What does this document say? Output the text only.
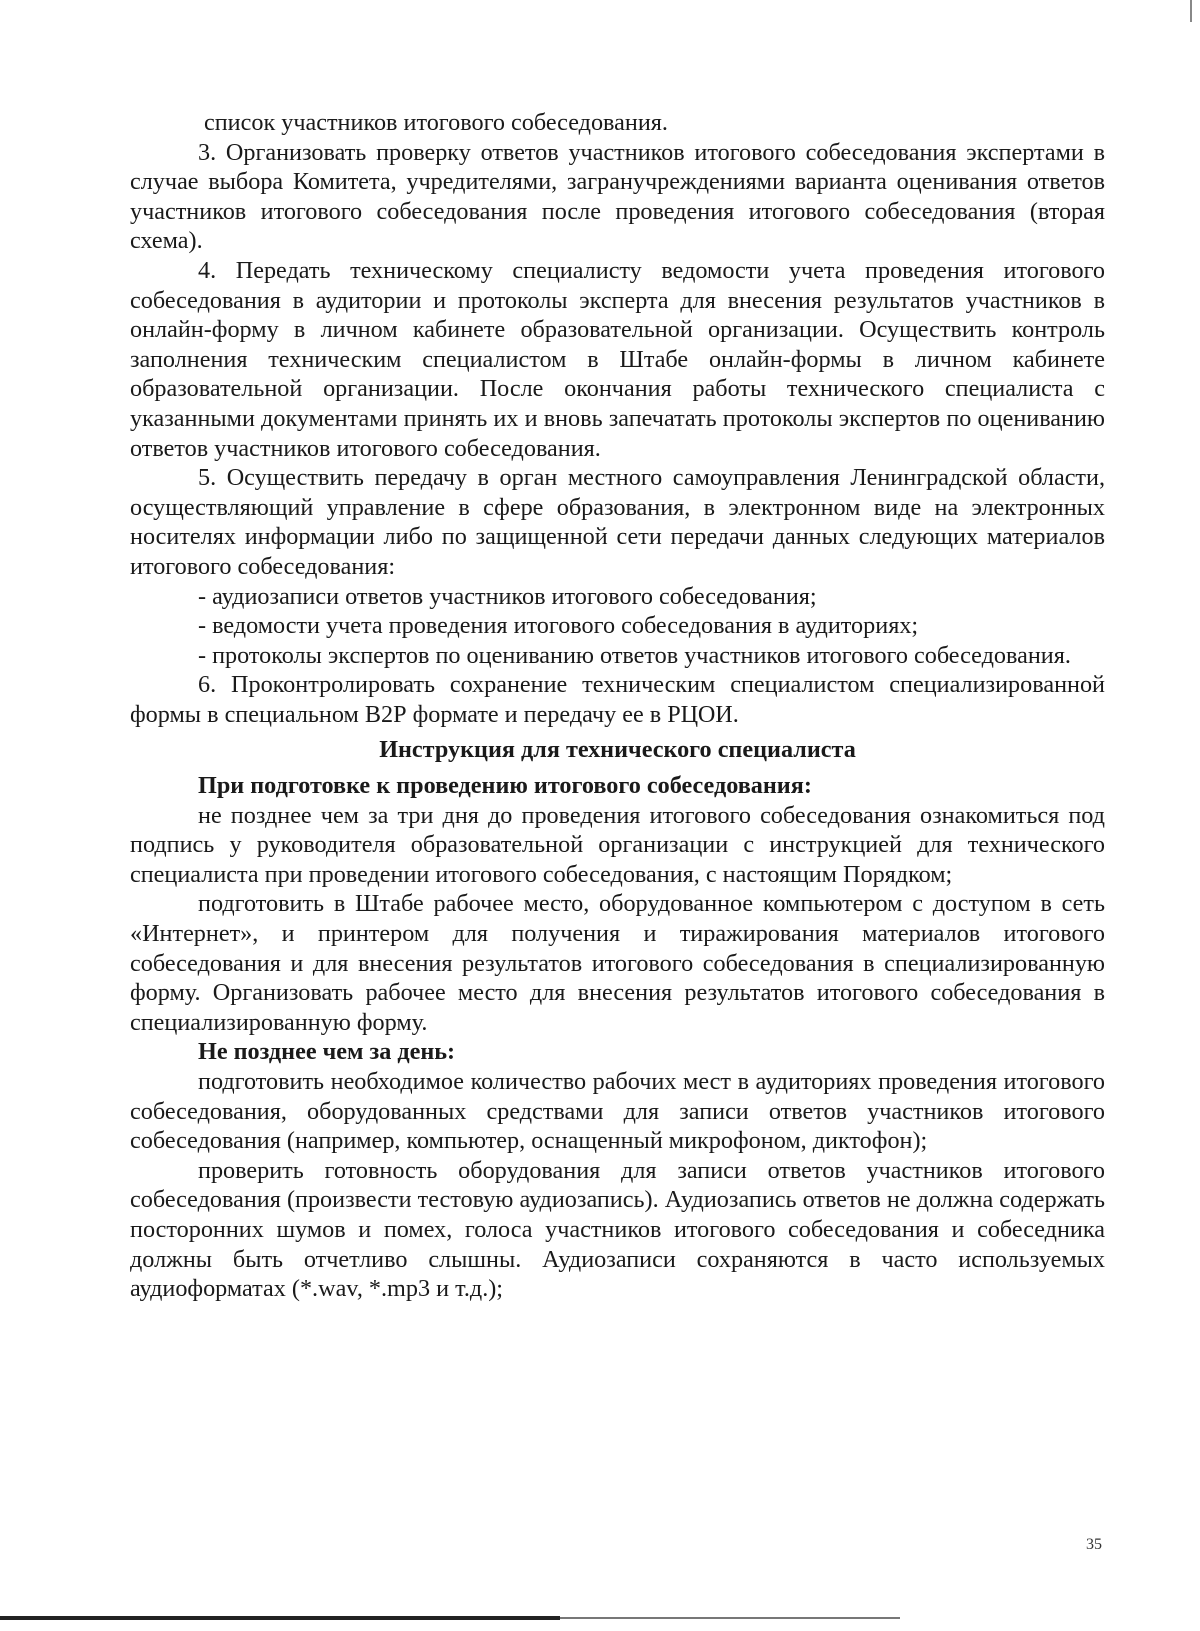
список участников итогового собеседования.

3. Организовать проверку ответов участников итогового собеседования экспертами в случае выбора Комитета, учредителями, загранучреждениями варианта оценивания ответов участников итогового собеседования после проведения итогового собеседования (вторая схема).

4. Передать техническому специалисту ведомости учета проведения итогового собеседования в аудитории и протоколы эксперта для внесения результатов участников в онлайн-форму в личном кабинете образовательной организации. Осуществить контроль заполнения техническим специалистом в Штабе онлайн-формы в личном кабинете образовательной организации. После окончания работы технического специалиста с указанными документами принять их и вновь запечатать протоколы экспертов по оцениванию ответов участников итогового собеседования.

5. Осуществить передачу в орган местного самоуправления Ленинградской области, осуществляющий управление в сфере образования, в электронном виде на электронных носителях информации либо по защищенной сети передачи данных следующих материалов итогового собеседования:

- аудиозаписи ответов участников итогового собеседования;

- ведомости учета проведения итогового собеседования в аудиториях;

- протоколы экспертов по оцениванию ответов участников итогового собеседования.

6. Проконтролировать сохранение техническим специалистом специализированной формы в специальном В2Р формате и передачу ее в РЦОИ.

Инструкция для технического специалиста

При подготовке к проведению итогового собеседования:

не позднее чем за три дня до проведения итогового собеседования ознакомиться под подпись у руководителя образовательной организации с инструкцией для технического специалиста при проведении итогового собеседования, с настоящим Порядком;

подготовить в Штабе рабочее место, оборудованное компьютером с доступом в сеть «Интернет», и принтером для получения и тиражирования материалов итогового собеседования и для внесения результатов итогового собеседования в специализированную форму. Организовать рабочее место для внесения результатов итогового собеседования в специализированную форму.

Не позднее чем за день:

подготовить необходимое количество рабочих мест в аудиториях проведения итогового собеседования, оборудованных средствами для записи ответов участников итогового собеседования (например, компьютер, оснащенный микрофоном, диктофон);

проверить готовность оборудования для записи ответов участников итогового собеседования (произвести тестовую аудиозапись). Аудиозапись ответов не должна содержать посторонних шумов и помех, голоса участников итогового собеседования и собеседника должны быть отчетливо слышны. Аудиозаписи сохраняются в часто используемых аудиоформатах (*.wav, *.mp3 и т.д.);

35
